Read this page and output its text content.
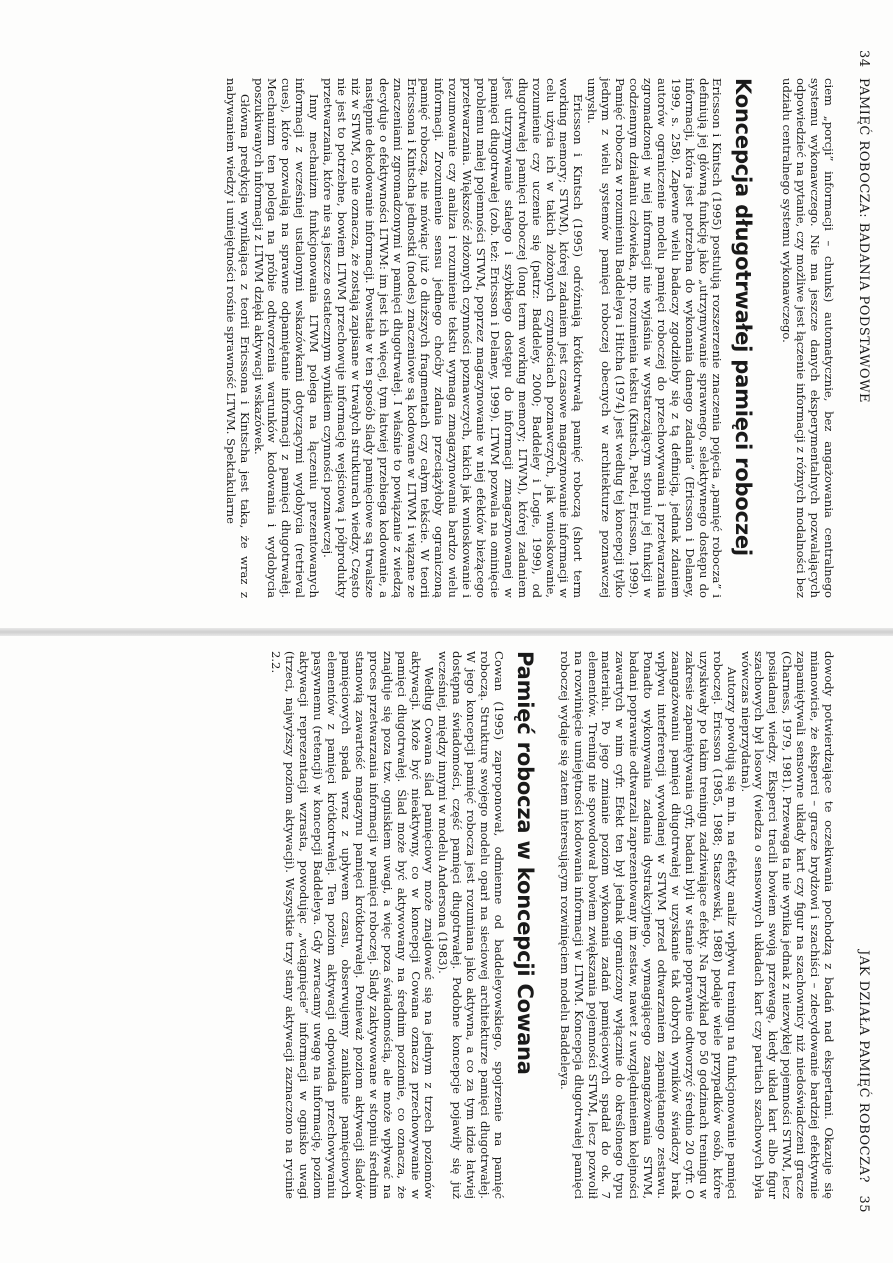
34
PAMIĘĆ ROBOCZA: BADANIA PODSTAWOWE

ciem „porcji” informacji – chunks) automatycznie, bez angażowania centralnego systemu wykonawczego. Nie ma jeszcze danych eksperymentalnych pozwalających odpowiedzieć na pytanie, czy możliwe jest łączenie informacji z różnych modalności bez udziału centralnego systemu wykonawczego.

Koncepcja długotrwałej pamięci roboczej

Ericsson i Kintsch (1995) postulują rozszerzenie znaczenia pojęcia „pamięć robocza” i definiują jej główną funkcję jako „utrzymywanie sprawnego, selektywnego dostępu do informacji, która jest potrzebna do wykonania danego zadania” (Ericsson i Delaney, 1999, s. 258). Zapewne wielu badaczy zgodziłoby się z tą definicją, jednak zdaniem autorów ograniczenie modelu pamięci roboczej do przechowywania i przetwarzania zgromadzonej w niej informacji nie wyjaśnia w wystarczającym stopniu jej funkcji w codziennym działaniu człowieka, np. rozumienia tekstu (Kintsch, Patel, Ericsson, 1999). Pamięć robocza w rozumieniu Baddeleya i Hitcha (1974) jest według tej koncepcji tylko jednym z wielu systemów pamięci roboczej obecnych w architekturze poznawczej umysłu.

Ericsson i Kintsch (1995) odróżniają krótkotrwałą pamięć roboczą (short term working memory; STWM), której zadaniem jest czasowe magazynowanie informacji w celu użycia ich w takich złożonych czynnościach poznawczych, jak wnioskowanie, rozumienie czy uczenie się (patrz: Baddeley, 2000; Baddeley i Logie, 1999), od długotrwałej pamięci roboczej (long term working memory; LTWM), której zadaniem jest utrzymywanie stałego i szybkiego dostępu do informacji zmagazynowanej w pamięci długotrwałej (zob. też: Ericsson i Delaney, 1999). LTWM pozwala na ominięcie problemu małej pojemności STWM, poprzez magazynowanie w niej efektów bieżącego przetwarzania. Większość złożonych czynności poznawczych, takich jak wnioskowanie i rozumowanie czy analiza i rozumienie tekstu wymaga zmagazynowania bardzo wielu informacji. Zrozumienie sensu jednego choćby zdania przeciążyłoby ograniczoną pamięć roboczą, nie mówiąc już o dłuższych fragmentach czy całym tekście. W teorii Ericssona i Kintscha jednostki (nodes) znaczeniowe są kodowane w LTWM i wiązane ze znaczeniami zgromadzonymi w pamięci długotrwałej. I właśnie to powiązanie z wiedzą decyduje o efektywności LTWM: im jest ich więcej, tym łatwiej przebiega kodowanie, a następnie dekodowanie informacji. Powstałe w ten sposób ślady pamięciowe są trwalsze niż w STWM, co nie oznacza, że zostają zapisane w trwałych strukturach wiedzy. Często nie jest to potrzebne, bowiem LTWM przechowuje informację wejściową i półprodukty przetwarzania, które nie są jeszcze ostatecznym wynikiem czynności poznawczej.

Inny mechanizm funkcjonowania LTWM polega na łączeniu prezentowanych informacji z wcześniej ustalonymi wskazówkami dotyczącymi wydobycia (retrieval cues), które pozwalają na sprawne odpamiętanie informacji z pamięci długotrwałej. Mechanizm ten polega na próbie odtworzenia warunków kodowania i wydobycia poszukiwanych informacji z LTWM dzięki aktywacji wskazówek.

Główna predykcja wynikająca z teorii Ericssona i Kintscha jest taka, że wraz z nabywaniem wiedzy i umiejętności rośnie sprawność LTWM. Spektakularne

JAK DZIAŁA PAMIĘĆ ROBOCZA?
35

dowody potwierdzające te oczekiwania pochodzą z badań nad ekspertami. Okazuje się mianowicie, że eksperci – gracze brydżowi i szachiści – zdecydowanie bardziej efektywnie zapamiętywali sensowne układy kart czy figur na szachownicy niż niedoświadczeni gracze (Charness, 1979, 1981). Przewaga ta nie wynika jednak z niezwykłej pojemności STWM, lecz posiadanej wiedzy. Eksperci tracili bowiem swoją przewagę, kiedy układ kart albo figur szachowych był losowy (wiedza o sensownych układach kart czy partiach szachowych była wówczas nieprzydatna).

Autorzy powołują się m.in. na efekty analiz wpływu treningu na funkcjonowanie pamięci roboczej. Ericsson (1985, 1988; Staszewski, 1988) podaje wiele przypadków osób, które uzyskiwały po takim treningu zadziwiające efekty. Na przykład po 50 godzinach treningu w zakresie zapamiętywania cyfr, badani byli w stanie poprawnie odtworzyć średnio 20 cyfr. O zaangażowaniu pamięci długotrwałej w uzyskanie tak dobrych wyników świadczy brak wpływu interferencji wywołanej w STWM przed odtwarzaniem zapamiętanego zestawu. Ponadto wykonywania zadania dystrakcyjnego, wymagającego zaangażowania STWM, badani poprawnie odtwarzali zaprezentowany im zestaw, nawet z uwzględnieniem kolejności zawartych w nim cyfr. Efekt ten był jednak ograniczony wyłącznie do określonego typu materiału. Po jego zmianie poziom wykonania zadań pamięciowych spadał do ok. 7 elementów. Trening nie spowodował bowiem zwiększania pojemności STWM, lecz pozwolił na rozwinięcie umiejętności kodowania informacji w LTWM. Koncepcja długotrwałej pamięci roboczej wydaje się zatem interesującym rozwinięciem modelu Baddeleya.

Pamięć robocza w koncepcji Cowana

Cowan (1995) zaproponował, odmienne od baddeleyowskiego, spojrzenie na pamięć roboczą. Strukturę swojego modelu oparł na sieciowej architekturze pamięci długotrwałej. W jego koncepcji pamięć robocza jest rozumiana jako aktywna, a co za tym idzie łatwiej dostępna świadomości, część pamięci długotrwałej. Podobne koncepcje pojawiły się już wcześniej, między innymi w modelu Andersona (1983).

Według Cowana ślad pamięciowy może znajdować się na jednym z trzech poziomów aktywacji. Może być nieaktywny, co w koncepcji Cowana oznacza przechowywanie w pamięci długotrwałej. Ślad może być aktywowany na średnim poziomie, co oznacza, że znajduje się poza tzw. ogniskiem uwagi, a więc poza świadomością, ale może wpływać na proces przetwarzania informacji w pamięci roboczej. Ślady zaktywowane w stopniu średnim stanowią zawartość magazynu pamięci krótkotrwałej. Ponieważ poziom aktywacji śladów pamięciowych spada wraz z upływem czasu, obserwujemy zanikanie pamięciowych elementów z pamięci krótkotrwałej. Ten poziom aktywacji odpowiada przechowywaniu pasywnemu (retencji) w koncepcji Baddeleya. Gdy zwracamy uwagę na informację, poziom aktywacji reprezentacji wzrasta, powodując „wciągnięcie” informacji w ognisko uwagi (trzeci, najwyższy poziom aktywacji). Wszystkie trzy stany aktywacji zaznaczono na rycinie 2.2.
